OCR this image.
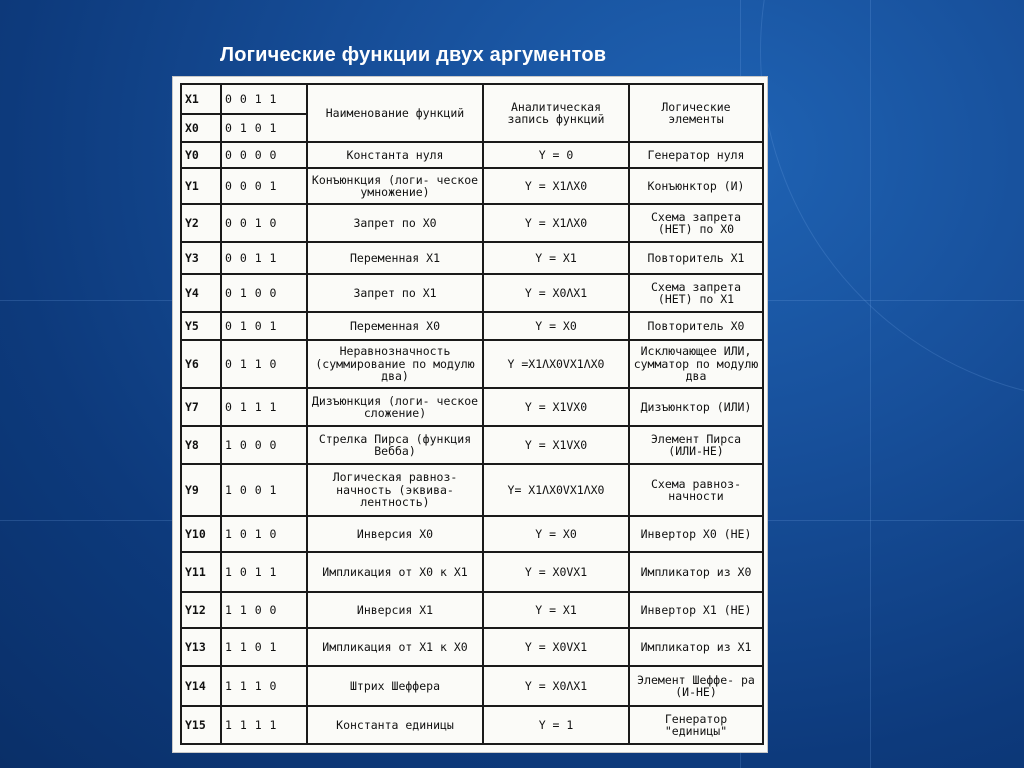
Логические функции двух аргументов
X1	0 0 1 1	Наименование функций	Аналитическая запись функций	Логические элементы
X0	0 1 0 1			
Y0	0 0 0 0	Константа нуля	Y = 0	Генератор нуля
Y1	0 0 0 1	Конъюнкция (логи- ческое умножение)	Y = X1ΛX0	Конъюнктор (И)
Y2	0 0 1 0	Запрет по X0	Y = X1ΛX0	Схема запрета (НЕТ) по X0
Y3	0 0 1 1	Переменная X1	Y = X1	Повторитель X1
Y4	0 1 0 0	Запрет по X1	Y = X0ΛX1	Схема запрета (НЕТ) по X1
Y5	0 1 0 1	Переменная X0	Y = X0	Повторитель X0
Y6	0 1 1 0	Неравнозначность (суммирование по модулю два)	Y =X1ΛX0VX1ΛX0	Исключающее ИЛИ, сумматор по модулю два
Y7	0 1 1 1	Дизъюнкция (логи- ческое сложение)	Y = X1VX0	Дизъюнктор (ИЛИ)
Y8	1 0 0 0	Стрелка Пирса (функция Вебба)	Y = X1VX0	Элемент Пирса (ИЛИ-НЕ)
Y9	1 0 0 1	Логическая равноз- начность (эквива- лентность)	Y= X1ΛX0VX1ΛX0	Схема равноз- начности
Y10	1 0 1 0	Инверсия X0	Y = X0	Инвертор X0 (НЕ)
Y11	1 0 1 1	Импликация от X0 к X1	Y = X0VX1	Импликатор из X0
Y12	1 1 0 0	Инверсия X1	Y = X1	Инвертор X1 (НЕ)
Y13	1 1 0 1	Импликация от X1 к X0	Y = X0VX1	Импликатор из X1
Y14	1 1 1 0	Штрих Шеффера	Y = X0ΛX1	Элемент Шеффе- ра (И-НЕ)
Y15	1 1 1 1	Константа единицы	Y = 1	Генератор "единицы"
